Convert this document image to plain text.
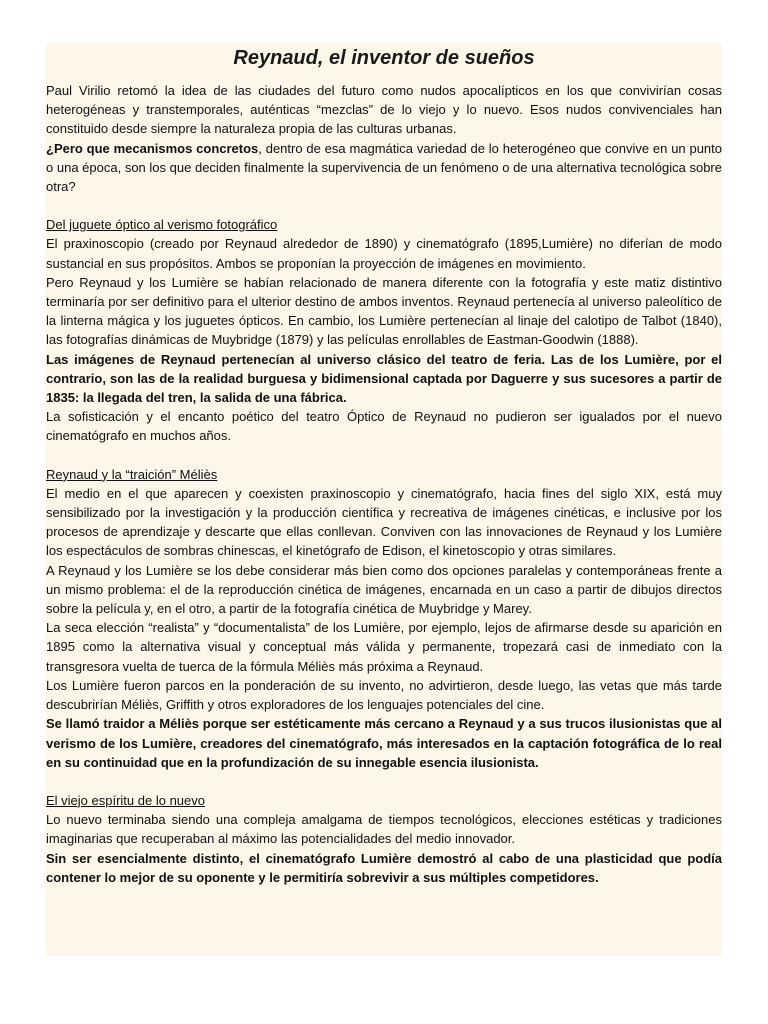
Reynaud, el inventor de sueños

Paul Virilio retomó la idea de las ciudades del futuro como nudos apocalípticos en los que convivirían cosas heterogéneas y transtemporales, auténticas “mezclas” de lo viejo y lo nuevo. Esos nudos convivenciales han constituido desde siempre la naturaleza propia de las culturas urbanas.

¿Pero que mecanismos concretos, dentro de esa magmática variedad de lo heterogéneo que convive en un punto o una época, son los que deciden finalmente la supervivencia de un fenómeno o de una alternativa tecnológica sobre otra?

Del juguete óptico al verismo fotográfico

El praxinoscopio (creado por Reynaud alrededor de 1890) y cinematógrafo (1895,Lumière) no diferían de modo sustancial en sus propósitos. Ambos se proponían la proyección de imágenes en movimiento.

Pero Reynaud y los Lumière se habían relacionado de manera diferente con la fotografía y este matiz distintivo terminaría por ser definitivo para el ulterior destino de ambos inventos. Reynaud pertenecía al universo paleolítico de la linterna mágica y los juguetes ópticos. En cambio, los Lumière pertenecían al linaje del calotipo de Talbot (1840), las fotografías dinámicas de Muybridge (1879) y las películas enrollables de Eastman-Goodwin (1888).

Las imágenes de Reynaud pertenecían al universo clásico del teatro de feria. Las de los Lumière, por el contrario, son las de la realidad burguesa y bidimensional captada por Daguerre y sus sucesores a partir de 1835: la llegada del tren, la salida de una fábrica.

La sofisticación y el encanto poético del teatro Óptico de Reynaud no pudieron ser igualados por el nuevo cinematógrafo en muchos años.

Reynaud y la “traición” Méliès

El medio en el que aparecen y coexisten praxinoscopio y cinematógrafo, hacia fines del siglo XIX, está muy sensibilizado por la investigación y la producción científica y recreativa de imágenes cinéticas, e inclusive por los procesos de aprendizaje y descarte que ellas conllevan. Conviven con las innovaciones de Reynaud y los Lumière los espectáculos de sombras chinescas, el kinetógrafo de Edison, el kinetoscopio y otras similares.

A Reynaud y los Lumière se los debe considerar más bien como dos opciones paralelas y contemporáneas frente a un mismo problema: el de la reproducción cinética de imágenes, encarnada en un caso a partir de dibujos directos sobre la película y, en el otro, a partir de la fotografía cinética de Muybridge y Marey.

La seca elección “realista” y “documentalista” de los Lumière, por ejemplo, lejos de afirmarse desde su aparición en 1895 como la alternativa visual y conceptual más válida y permanente, tropezará casi de inmediato con la transgresora vuelta de tuerca de la fórmula Méliès más próxima a Reynaud.

Los Lumière fueron parcos en la ponderación de su invento, no advirtieron, desde luego, las vetas que más tarde descubrirían Méliès, Griffith y otros exploradores de los lenguajes potenciales del cine.

Se llamó traidor a Méliès porque ser estéticamente más cercano a Reynaud y a sus trucos ilusionistas que al verismo de los Lumière, creadores del cinematógrafo, más interesados en la captación fotográfica de lo real en su continuidad que en la profundización de su innegable esencia ilusionista.

El viejo espíritu de lo nuevo

Lo nuevo terminaba siendo una compleja amalgama de tiempos tecnológicos, elecciones estéticas y tradiciones imaginarias que recuperaban al máximo las potencialidades del medio innovador.

Sin ser esencialmente distinto, el cinematógrafo Lumière demostró al cabo de una plasticidad que podía contener lo mejor de su oponente y le permitiría sobrevivir a sus múltiples competidores.
